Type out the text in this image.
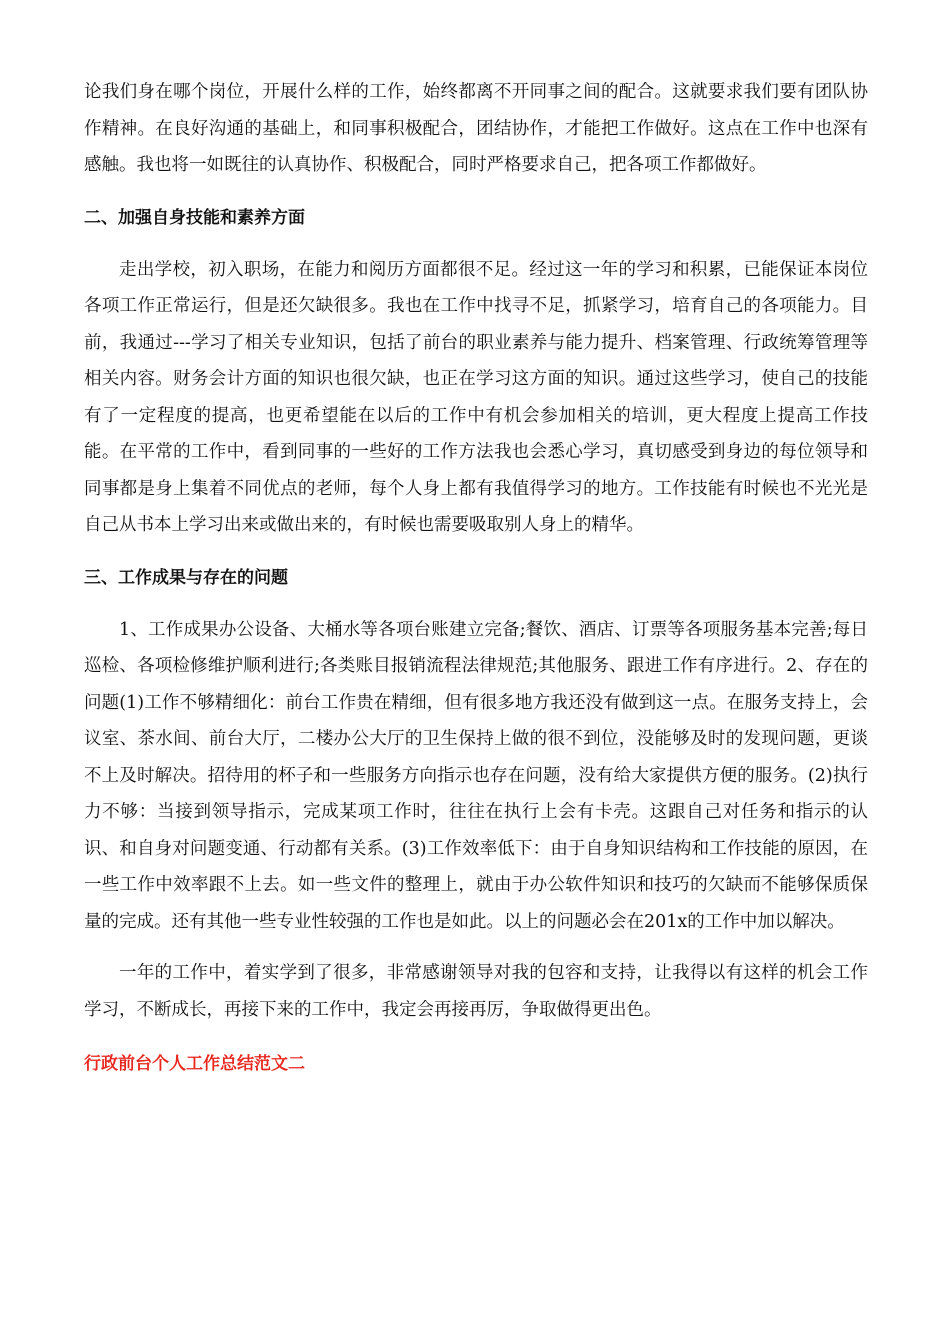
论我们身在哪个岗位，开展什么样的工作，始终都离不开同事之间的配合。这就要求我们要有团队协作精神。在良好沟通的基础上，和同事积极配合，团结协作，才能把工作做好。这点在工作中也深有感触。我也将一如既往的认真协作、积极配合，同时严格要求自己，把各项工作都做好。

二、加强自身技能和素养方面

走出学校，初入职场，在能力和阅历方面都很不足。经过这一年的学习和积累，已能保证本岗位各项工作正常运行，但是还欠缺很多。我也在工作中找寻不足，抓紧学习，培育自己的各项能力。目前，我通过---学习了相关专业知识，包括了前台的职业素养与能力提升、档案管理、行政统筹管理等相关内容。财务会计方面的知识也很欠缺，也正在学习这方面的知识。通过这些学习，使自己的技能有了一定程度的提高，也更希望能在以后的工作中有机会参加相关的培训，更大程度上提高工作技能。在平常的工作中，看到同事的一些好的工作方法我也会悉心学习，真切感受到身边的每位领导和同事都是身上集着不同优点的老师，每个人身上都有我值得学习的地方。工作技能有时候也不光光是自己从书本上学习出来或做出来的，有时候也需要吸取别人身上的精华。

三、工作成果与存在的问题

1、工作成果办公设备、大桶水等各项台账建立完备;餐饮、酒店、订票等各项服务基本完善;每日巡检、各项检修维护顺利进行;各类账目报销流程法律规范;其他服务、跟进工作有序进行。2、存在的问题(1)工作不够精细化：前台工作贵在精细，但有很多地方我还没有做到这一点。在服务支持上，会议室、茶水间、前台大厅，二楼办公大厅的卫生保持上做的很不到位，没能够及时的发现问题，更谈不上及时解决。招待用的杯子和一些服务方向指示也存在问题，没有给大家提供方便的服务。(2)执行力不够：当接到领导指示，完成某项工作时，往往在执行上会有卡壳。这跟自己对任务和指示的认识、和自身对问题变通、行动都有关系。(3)工作效率低下：由于自身知识结构和工作技能的原因，在一些工作中效率跟不上去。如一些文件的整理上，就由于办公软件知识和技巧的欠缺而不能够保质保量的完成。还有其他一些专业性较强的工作也是如此。以上的问题必会在201x的工作中加以解决。

一年的工作中，着实学到了很多，非常感谢领导对我的包容和支持，让我得以有这样的机会工作学习，不断成长，再接下来的工作中，我定会再接再厉，争取做得更出色。

行政前台个人工作总结范文二
